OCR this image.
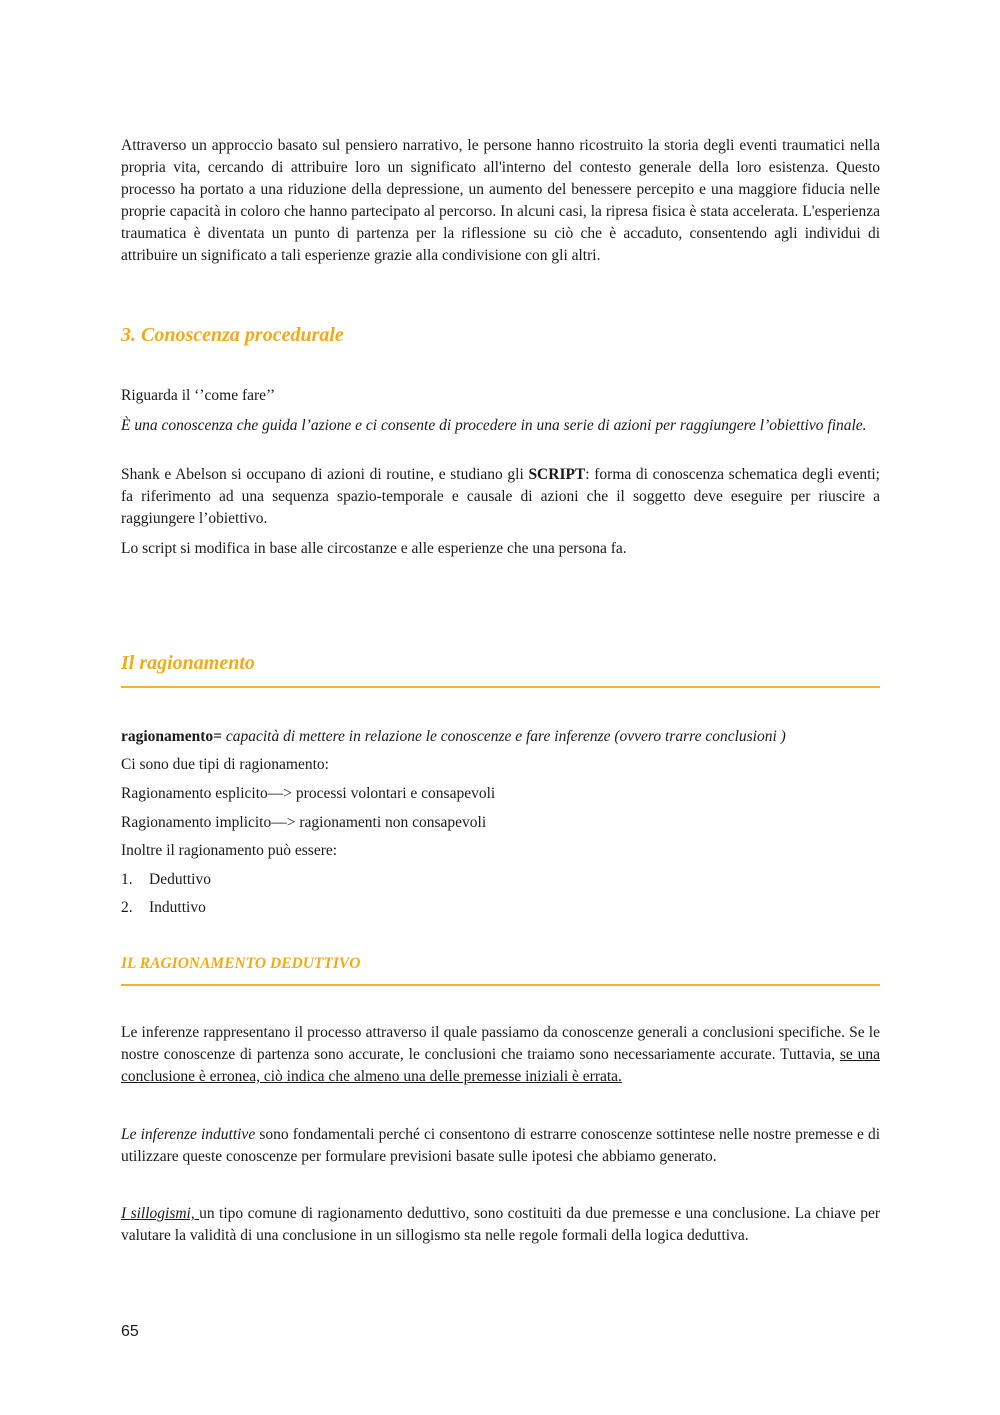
Attraverso un approccio basato sul pensiero narrativo, le persone hanno ricostruito la storia degli eventi traumatici nella propria vita, cercando di attribuire loro un significato all'interno del contesto generale della loro esistenza. Questo processo ha portato a una riduzione della depressione, un aumento del benessere percepito e una maggiore fiducia nelle proprie capacità in coloro che hanno partecipato al percorso. In alcuni casi, la ripresa fisica è stata accelerata. L'esperienza traumatica è diventata un punto di partenza per la riflessione su ciò che è accaduto, consentendo agli individui di attribuire un significato a tali esperienze grazie alla condivisione con gli altri.

3. Conoscenza procedurale

Riguarda il ‘’come fare’’

È una conoscenza che guida l’azione e ci consente di procedere in una serie di azioni per raggiungere l’obiettivo finale.

Shank e Abelson si occupano di azioni di routine, e studiano gli SCRIPT: forma di conoscenza schematica degli eventi; fa riferimento ad una sequenza spazio-temporale e causale di azioni che il soggetto deve eseguire per riuscire a raggiungere l’obiettivo.

Lo script si modifica in base alle circostanze e alle esperienze che una persona fa.

Il ragionamento

ragionamento= capacità di mettere in relazione le conoscenze e fare inferenze (ovvero trarre conclusioni )

Ci sono due tipi di ragionamento:

Ragionamento esplicito—> processi volontari e consapevoli

Ragionamento implicito—> ragionamenti non consapevoli

Inoltre il ragionamento può essere:

1. Deduttivo
2. Induttivo
IL RAGIONAMENTO DEDUTTIVO

Le inferenze rappresentano il processo attraverso il quale passiamo da conoscenze generali a conclusioni specifiche. Se le nostre conoscenze di partenza sono accurate, le conclusioni che traiamo sono necessariamente accurate. Tuttavia, se una conclusione è erronea, ciò indica che almeno una delle premesse iniziali è errata.

Le inferenze induttive sono fondamentali perché ci consentono di estrarre conoscenze sottintese nelle nostre premesse e di utilizzare queste conoscenze per formulare previsioni basate sulle ipotesi che abbiamo generato.

I sillogismi, un tipo comune di ragionamento deduttivo, sono costituiti da due premesse e una conclusione. La chiave per valutare la validità di una conclusione in un sillogismo sta nelle regole formali della logica deduttiva.

65
